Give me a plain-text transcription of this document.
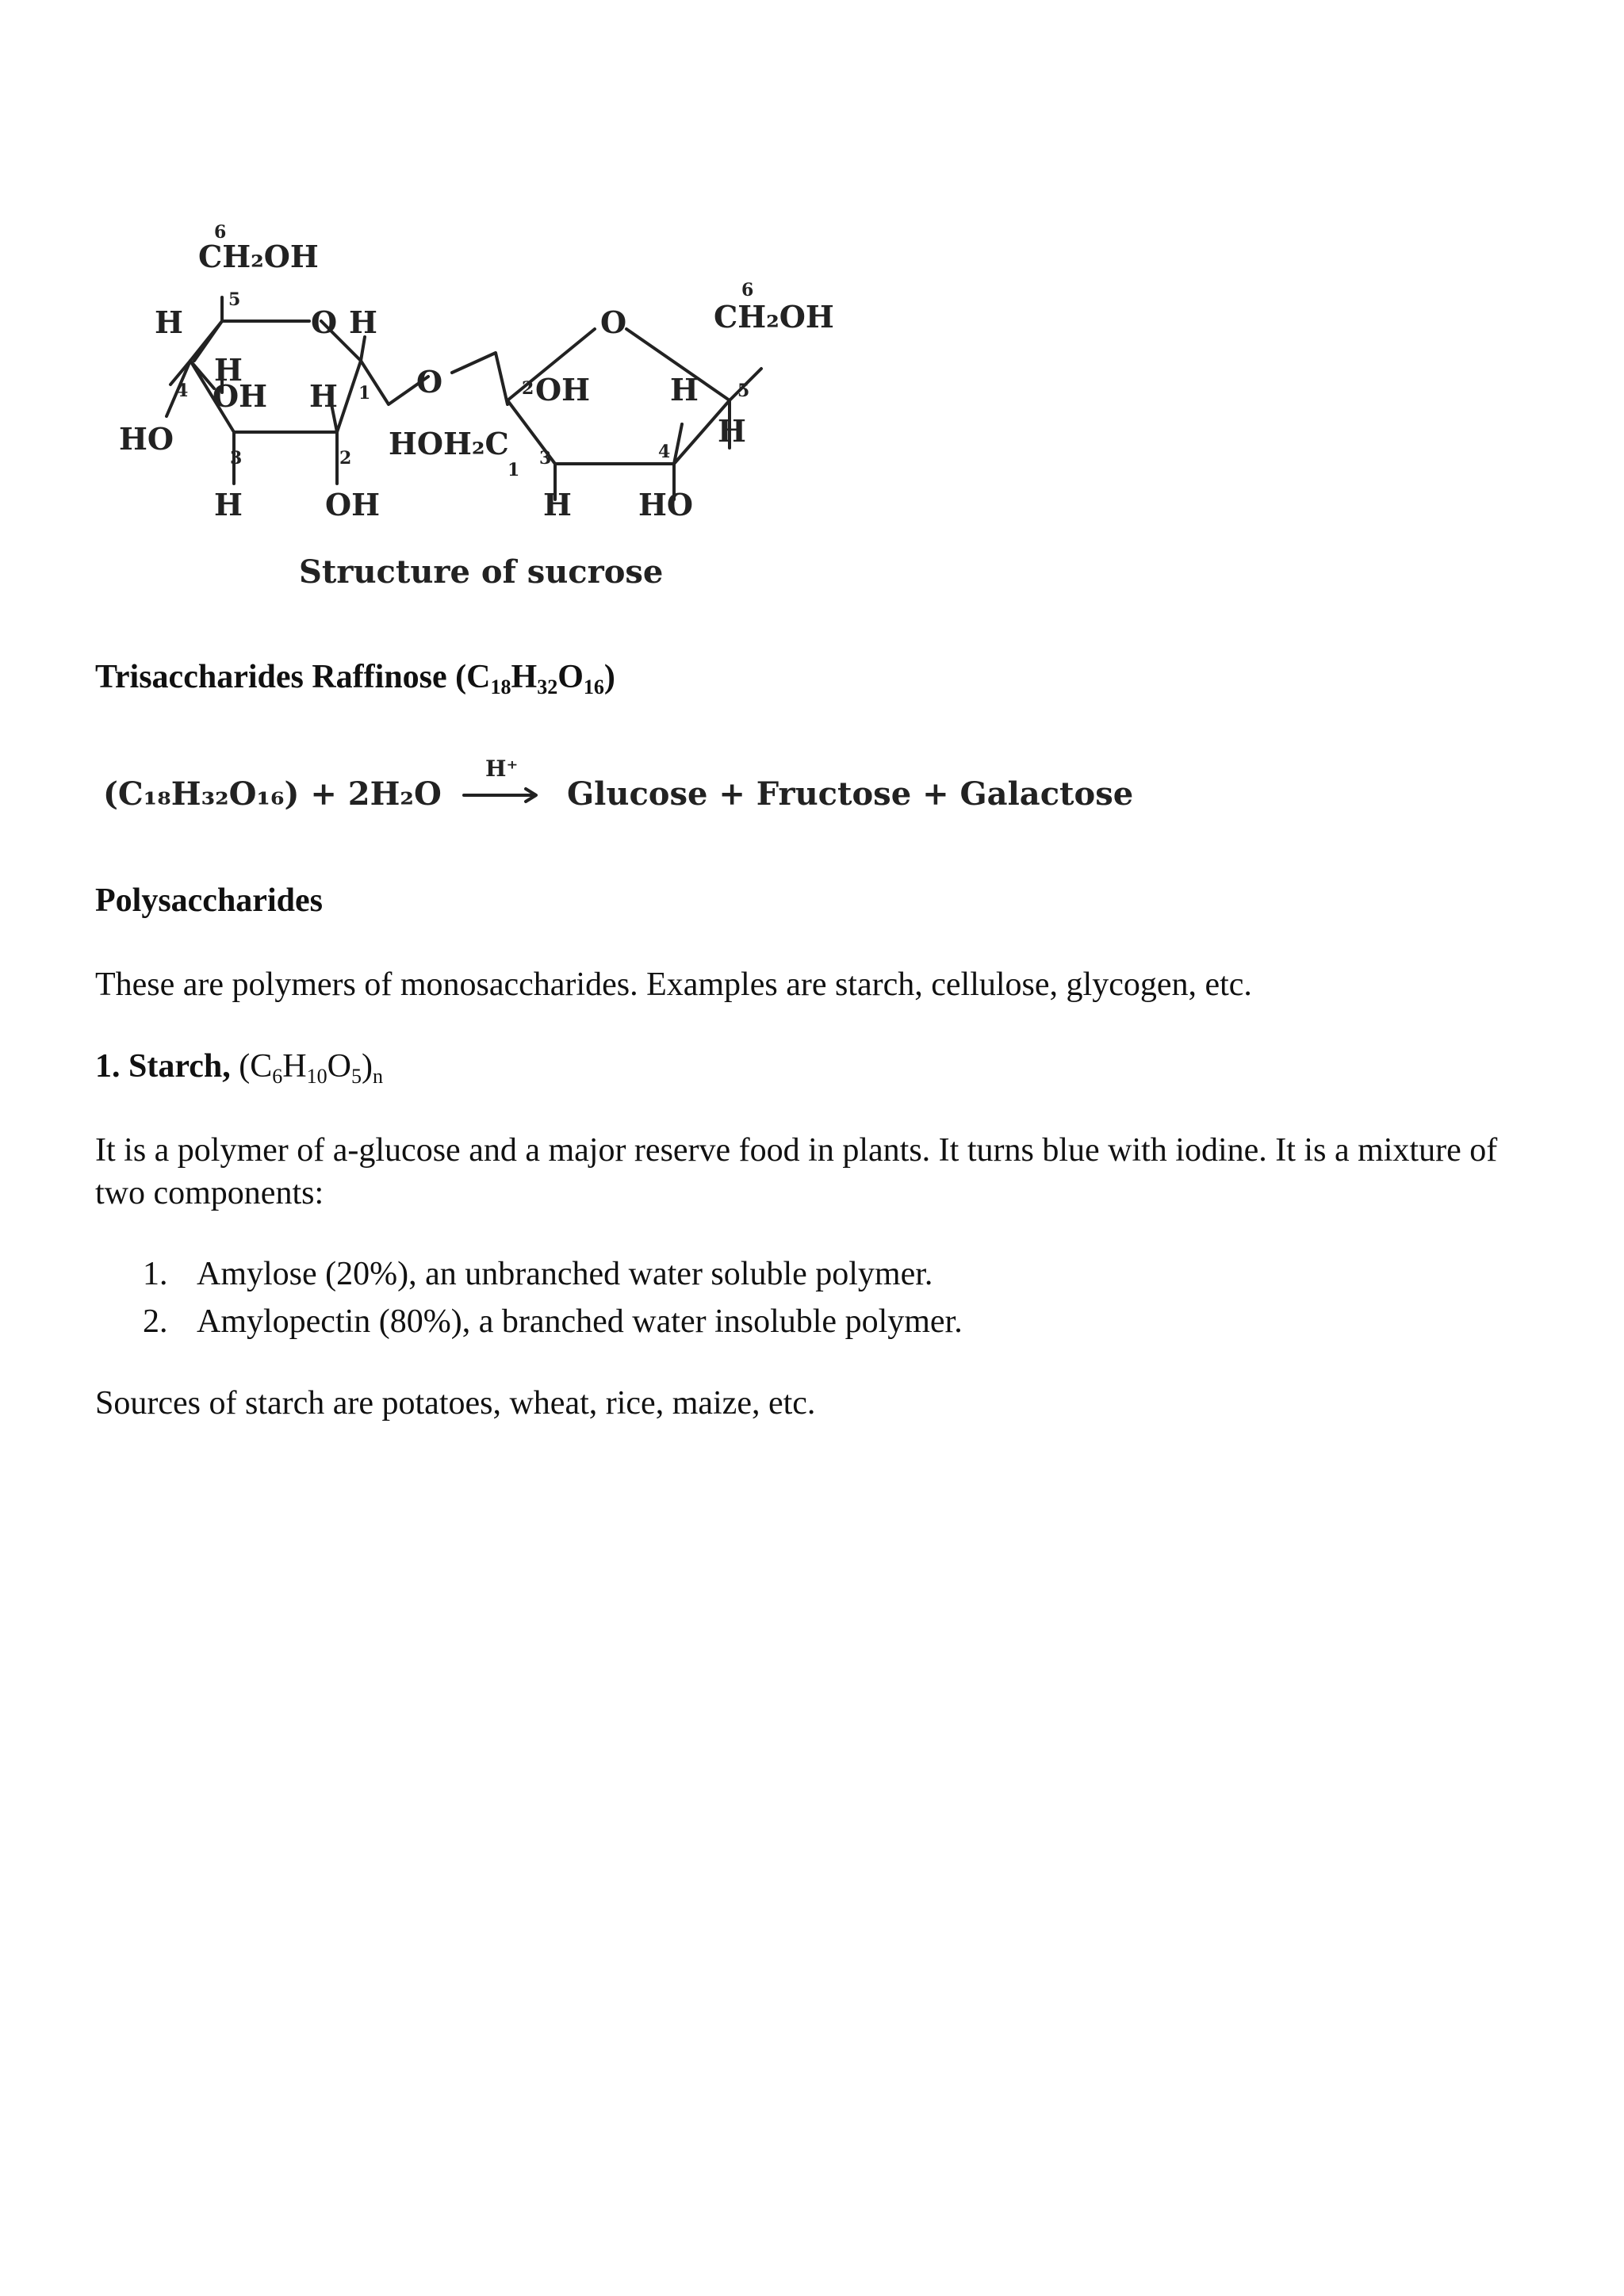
6
CH₂OH
5
O
H	H
4
H
OH H 1 O
HO
3	2
H	OH
O
6
CH₂OH
2 OH	H 5
HOH₂C
1
3	4
H
H HO
Structure of sucrose
Trisaccharides Raffinose $(C_{18}H_{32}O_{16})$
(C₁₈H₃₂O₁₆) + 2H₂O
H⁺
Glucose + Fructose + Galactose
Polysaccharides
These are polymers of monosaccharides. Examples are starch, cellulose, glycogen, etc.
1. Starch, $(C_6H_{10}O_5)_n$
It is a polymer of a-glucose and a major reserve food in plants. It turns blue with iodine. It is a mixture of two components:
1. Amylose (20%), an unbranched water soluble polymer.
2. Amylopectin (80%), a branched water insoluble polymer.
Sources of starch are potatoes, wheat, rice, maize, etc.
